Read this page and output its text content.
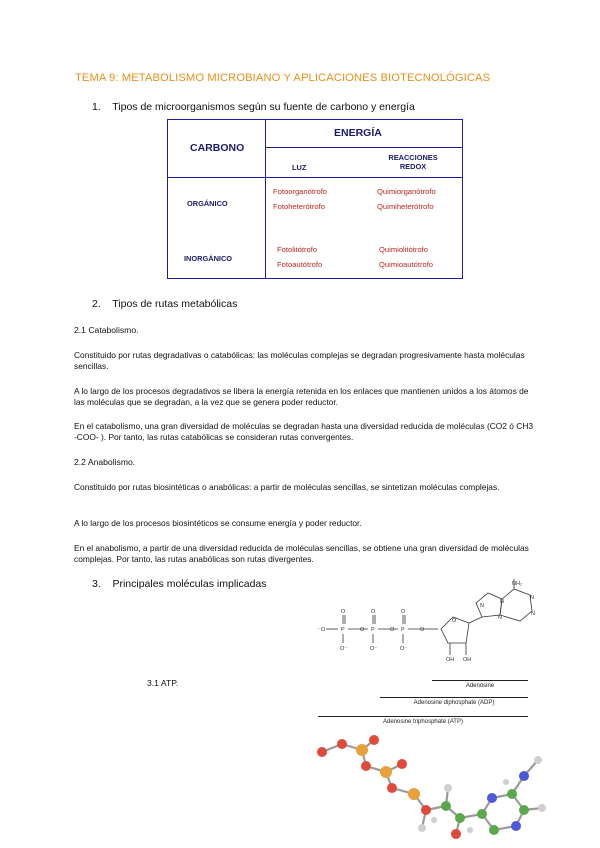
TEMA 9: METABOLISMO MICROBIANO Y APLICACIONES BIOTECNOLÓGICAS
1. Tipos de microorganismos según su fuente de carbono y energía
CARBONO
ENERGÍA
LUZ
REACCIONES
REDOX
ORGÁNICO
INORGÁNICO
Fotoorganótrofo
Fotoheterótrofo
Quimiorganótrofo
Quimiheterótrofo
Fotolitótrofo
Fotoautótrofo
Quimiolitótrofo
Quimioautótrofo
2. Tipos de rutas metabólicas
2.1 Catabolismo.
Constituido por rutas degradativas o catabólicas: las moléculas complejas se degradan progresivamente hasta moléculas sencillas.
A lo largo de los procesos degradativos se libera la energía retenida en los enlaces que mantienen unidos a los átomos de las moléculas que se degradan, a la vez que se genera poder reductor.
En el catabolismo, una gran diversidad de moléculas se degradan hasta una diversidad reducida de moléculas (CO2 ó CH3 -COO- ). Por tanto, las rutas catabólicas se consideran rutas convergentes.
2.2 Anabolismo.
Constituido por rutas biosintéticas o anabólicas: a partir de moléculas sencillas, se sintetizan moléculas complejas.
A lo largo de los procesos biosintéticos se consume energía y poder reductor.
En el anabolismo, a partir de una diversidad reducida de moléculas sencillas, se obtiene una gran diversidad de moléculas complejas. Por tanto, las rutas anabólicas son rutas divergentes.
3. Principales moléculas implicadas
3.1 ATP.
⁻O	P
O
O⁻
O P
O
O⁻
O P
O
O⁻
O
O
N
N
N
N
N
NH₂
OH OH
Adenosine
Adenosine diphosphate (ADP)
Adenosine triphosphate (ATP)
